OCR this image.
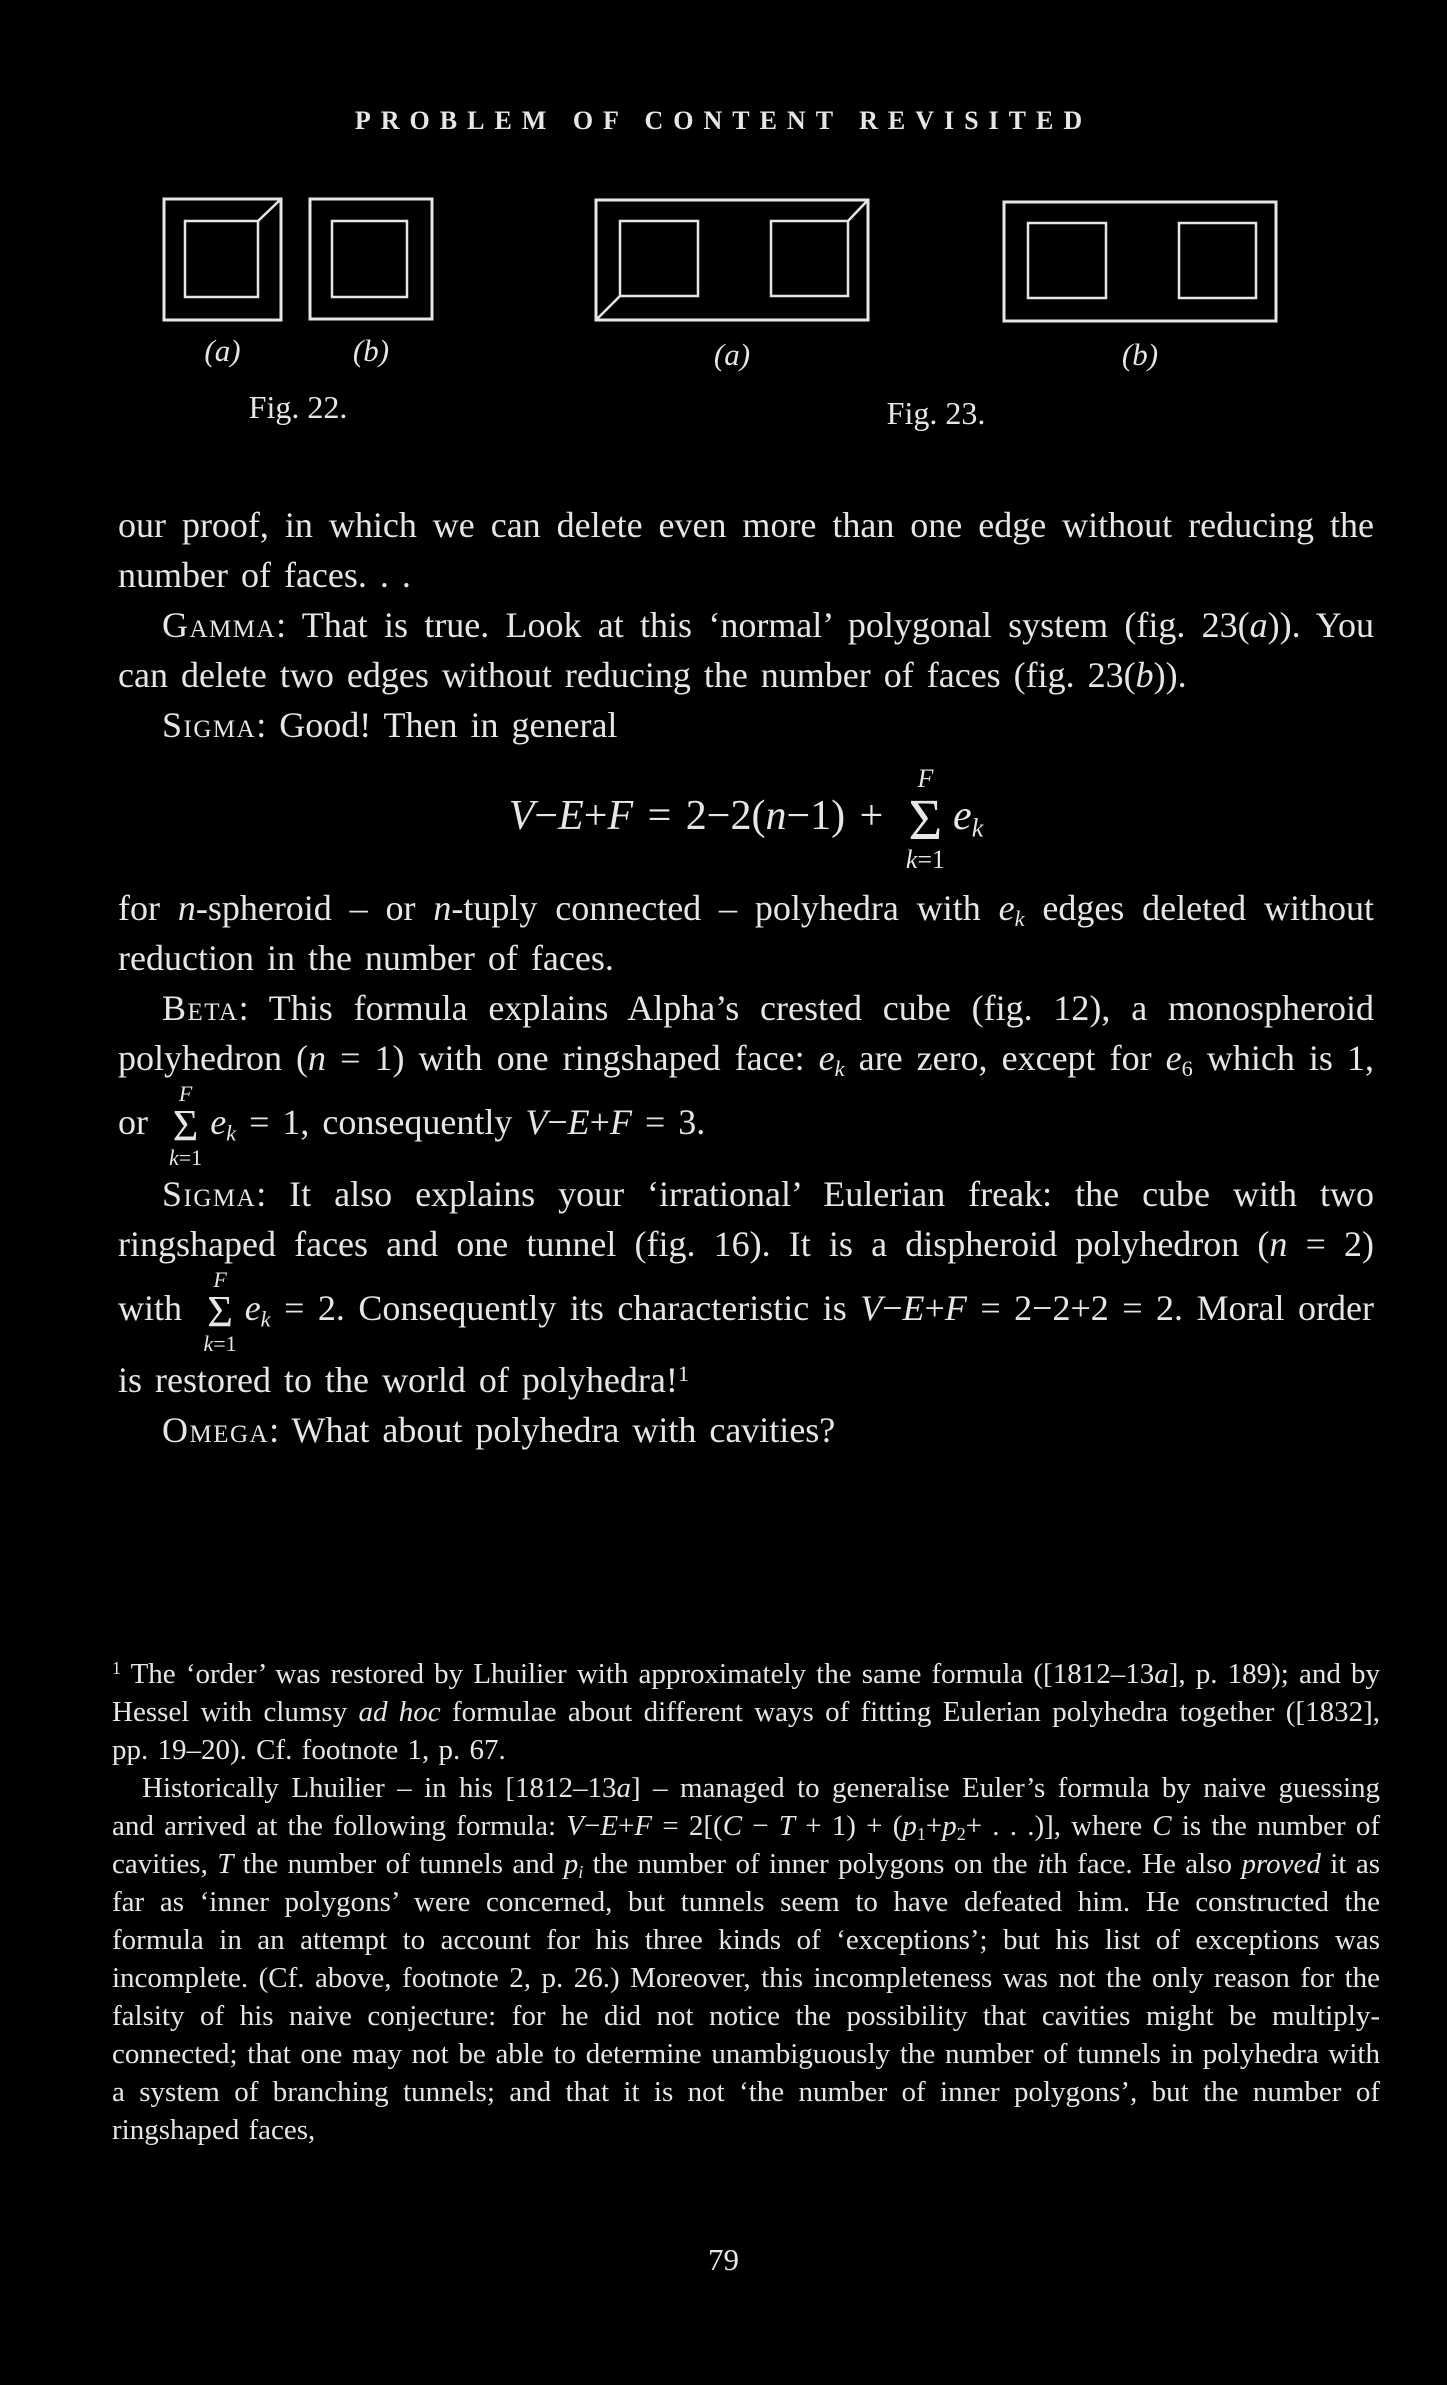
PROBLEM OF CONTENT REVISITED
(a)	(b)	(a)	(b)
Fig. 22.	Fig. 23.

our proof, in which we can delete even more than one edge without reducing the number of faces. . .

Gamma: That is true. Look at this ‘normal’ polygonal system (fig. 23(a)). You can delete two edges without reducing the number of faces (fig. 23(b)).

Sigma: Good! Then in general

V−E+F = 2−2(n−1) +
F
Σ
k=1
$e_k$

for n-spheroid – or n-tuply connected – polyhedra with $e_k$ edges deleted without reduction in the number of faces.

Beta: This formula explains Alpha’s crested cube (fig. 12), a monospheroid polyhedron (n = 1) with one ringshaped face: $e_k$ are zero, except for $e_6$ which is 1, or
F
Σ
k=1
$e_k = 1$, consequently V−E+F = 3.

Sigma: It also explains your ‘irrational’ Eulerian freak: the cube with two ringshaped faces and one tunnel (fig. 16). It is a dispheroid polyhedron (n = 2) with
F
Σ
k=1
$e_k = 2$. Consequently its characteristic is V−E+F = 2−2+2 = 2. Moral order is restored to the world of polyhedra!$^1$

Omega: What about polyhedra with cavities?

$^1$ The ‘order’ was restored by Lhuilier with approximately the same formula ([1812–13a], p. 189); and by Hessel with clumsy ad hoc formulae about different ways of fitting Eulerian polyhedra together ([1832], pp. 19–20). Cf. footnote 1, p. 67.

Historically Lhuilier – in his [1812–13a] – managed to generalise Euler’s formula by naive guessing and arrived at the following formula: $V-E+F = 2[(C - T + 1) + (p_1+p_2+$ . . .)], where C is the number of cavities, T the number of tunnels and $p_i$ the number of inner polygons on the ith face. He also proved it as far as ‘inner polygons’ were concerned, but tunnels seem to have defeated him. He constructed the formula in an attempt to account for his three kinds of ‘exceptions’; but his list of exceptions was incomplete. (Cf. above, footnote 2, p. 26.) Moreover, this incompleteness was not the only reason for the falsity of his naive conjecture: for he did not notice the possibility that cavities might be multiply-connected; that one may not be able to determine unambiguously the number of tunnels in polyhedra with a system of branching tunnels; and that it is not ‘the number of inner polygons’, but the number of ringshaped faces,

79
